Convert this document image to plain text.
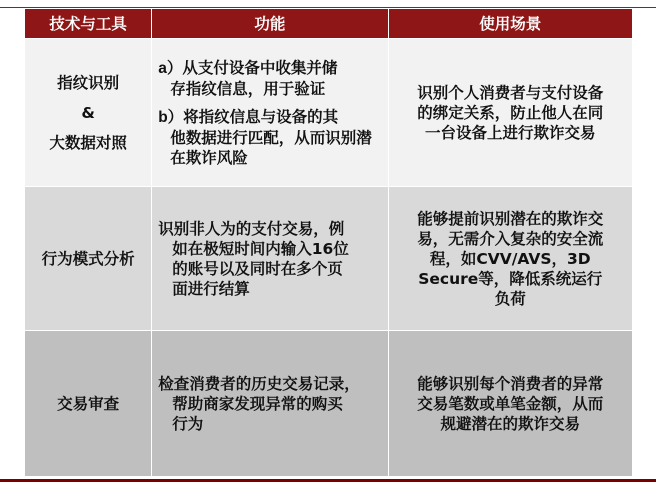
技术与工具	功能	使用场景

指纹识别
&
大数据对照	a）从支付设备中收集并储
存指纹信息，用于验证
b）将指纹信息与设备的其
他数据进行匹配，从而识别潜在欺诈风险	识别个人消费者与支付设备
的绑定关系，防止他人在同
一台设备上进行欺诈交易

行为模式分析	识别非人为的支付交易，例
如在极短时间内输入16位
的账号以及同时在多个页
面进行结算	能够提前识别潜在的欺诈交
易，无需介入复杂的安全流
程，如CVV/AVS，3D
Secure等，降低系统运行
负荷

交易审查	检查消费者的历史交易记录，
帮助商家发现异常的购买
行为	能够识别每个消费者的异常
交易笔数或单笔金额，从而
规避潜在的欺诈交易
